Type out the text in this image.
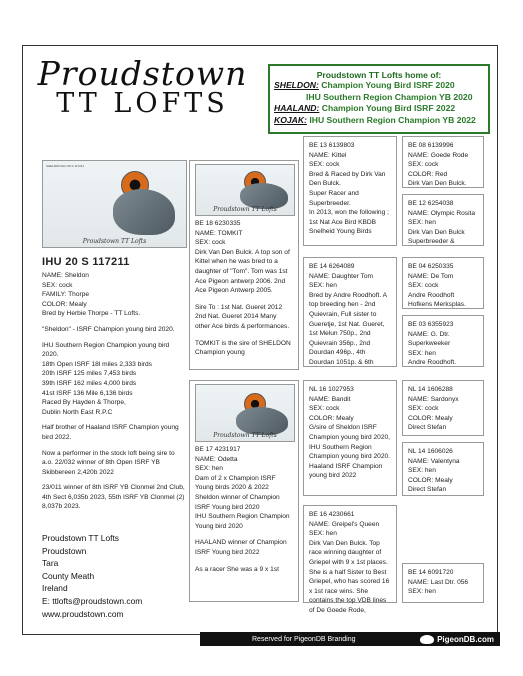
Proudstown
TT LOFTS
Proudstown TT Lofts home of:
SHELDON: Champion Young Bird ISRF 2020
IHU Southern Region Champion YB 2020
HAALAND: Champion Young Bird ISRF 2022
KOJAK: IHU Southern Region Champion YB 2022
SHELDON IHU 20 S 117211
Proudstown TT Lofts
IHU 20 S 117211
NAME: Sheldon
SEX: cock
FAMILY: Thorpe
COLOR: Mealy

Bred by Herbie Thorpe - TT Lofts.

"Sheldon" - ISRF Champion young bird 2020.

IHU Southern Region Champion young bird 2020.
18th Open ISRF 18l miles 2,333 birds
20th ISRF 125 miles 7,453 birds
39th ISRF 162 miles 4,000 birds
41st ISRF 136 Mile 6,136 birds
Raced By Hayden & Thorpe,
Dublin North East R.P.C

Half brother of Haaland ISRF Champion young bird 2022.

Now a performer in the stock loft being sire to a.o. 22/032 winner of 8th Open ISRF YB Skibbereen 2,420b 2022

23/011 winner of 8th ISRF YB Clonmel 2nd Club, 4th Sect 6,035b 2023, 55th ISRF YB Clonmel (2) 8,037b 2023.

Proudstown TT Lofts
Proudstown
Tara
County Meath
Ireland
E: ttlofts@proudstown.com
www.proudstown.com
Proudstown TT Lofts
BE 18 6230335
NAME: TOMKIT
SEX: cock
Dirk Van Den Bulck. A top son of Kittel when he was bred to a daughter of "Tom". Tom was 1st Ace Pigeon antwerp 2006. 2nd Ace Pigeon Antwerp 2005.
Sire To : 1st Nat. Gueret 2012 2nd Nat. Gueret 2014 Many other Ace birds & performances.
TOMKIT is the sire of SHELDON Champion young
Proudstown TT Lofts
BE 17 4231917
NAME: Odetta
SEX: hen
Dam of 2 x Champion ISRF Young birds 2020 & 2022 Sheldon winner of Champion ISRF Young bird 2020
IHU Southern Region Champion Young bird 2020
HAALAND winner of Champion ISRF Young bird 2022
As a racer She was a 9 x 1st
BE 13 6139803
NAME: Kittel
SEX: cock
Bred & Raced by Dirk Van Den Bulck.
Super Racer and Superbreeder.
In 2013, won the following ;
1st Nat Ace Bird KBDB Snelheid Young Birds
BE 14 6264089
NAME: Daughter Tom
SEX: hen
Bred by Andre Roodhoft. A top breeding hen - 2nd Quievrain, Full sister to Gueretje, 1st Nat. Gueret, 1st Melun 750p., 2nd Quievrain 356p., 2nd Dourdan 496p., 4th Dourdan 1051p. & 6th
NL 16 1027953
NAME: Bandit
SEX: cock
COLOR: Mealy
G/sire of Sheldon ISRF Champion young bird 2020, IHU Southern Region Champion young bird 2020.
Haaland ISRF Champion young bird 2022
BE 16 4230661
NAME: Greipel's Queen
SEX: hen
Dirk Van Den Bulck. Top race winning daughter of Griepel with 9 x 1st places. She is a half Sister to Best Griepel, who has scored 16 x 1st race wins. She contains the top VDB lines of De Goede Rode,
BE 08 6139996
NAME: Goede Rode
SEX: cock
COLOR: Red
Dirk Van Den Bulck.
BE 12 6254038
NAME: Olympic Rosita
SEX: hen
Dirk Van Den Bulck
Superbreeder &
BE 04 6250335
NAME: De Tom
SEX: cock
Andre Roodhoft
Hofkens Merksplas.
BE 03 6355923
NAME: G. Dtr. Superkweeker
SEX: hen
Andre Roodhoft.
NL 14 1606288
NAME: Sardonyx
SEX: cock
COLOR: Mealy
Direct Stefan
NL 14 1606026
NAME: Valentyna
SEX: hen
COLOR: Mealy
Direct Stefan
BE 14 6091720
NAME: Last Dtr. 056
SEX: hen
Reserved for PigeonDB Branding	PigeonDB.com
